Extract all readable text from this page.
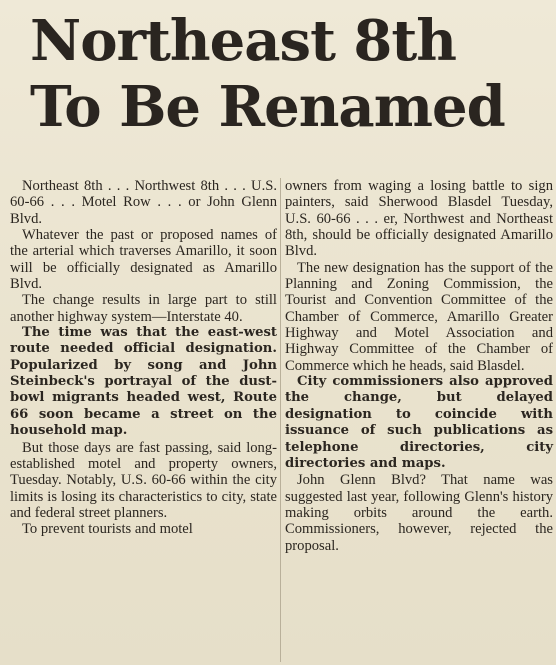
Northeast 8th
To Be Renamed

Northeast 8th . . . Northwest 8th . . . U.S. 60-66 . . . Motel Row . . . or John Glenn Blvd.

Whatever the past or proposed names of the arterial which traverses Amarillo, it soon will be officially designated as Amarillo Blvd.

The change results in large part to still another highway system—Interstate 40.

The time was that the east-west route needed official designation. Popularized by song and John Steinbeck's portrayal of the dust-bowl migrants headed west, Route 66 soon became a street on the household map.

But those days are fast passing, said long-established motel and property owners, Tuesday. Notably, U.S. 60-66 within the city limits is losing its characteristics to city, state and federal street planners.

To prevent tourists and motel

owners from waging a losing battle to sign painters, said Sherwood Blasdel Tuesday, U.S. 60-66 . . . er, Northwest and Northeast 8th, should be officially designated Amarillo Blvd.

The new designation has the support of the Planning and Zoning Commission, the Tourist and Convention Committee of the Chamber of Commerce, Amarillo Greater Highway and Motel Association and Highway Committee of the Chamber of Commerce which he heads, said Blasdel.

City commissioners also approved the change, but delayed designation to coincide with issuance of such publications as telephone directories, city directories and maps.

John Glenn Blvd? That name was suggested last year, following Glenn's history making orbits around the earth. Commissioners, however, rejected the proposal.
